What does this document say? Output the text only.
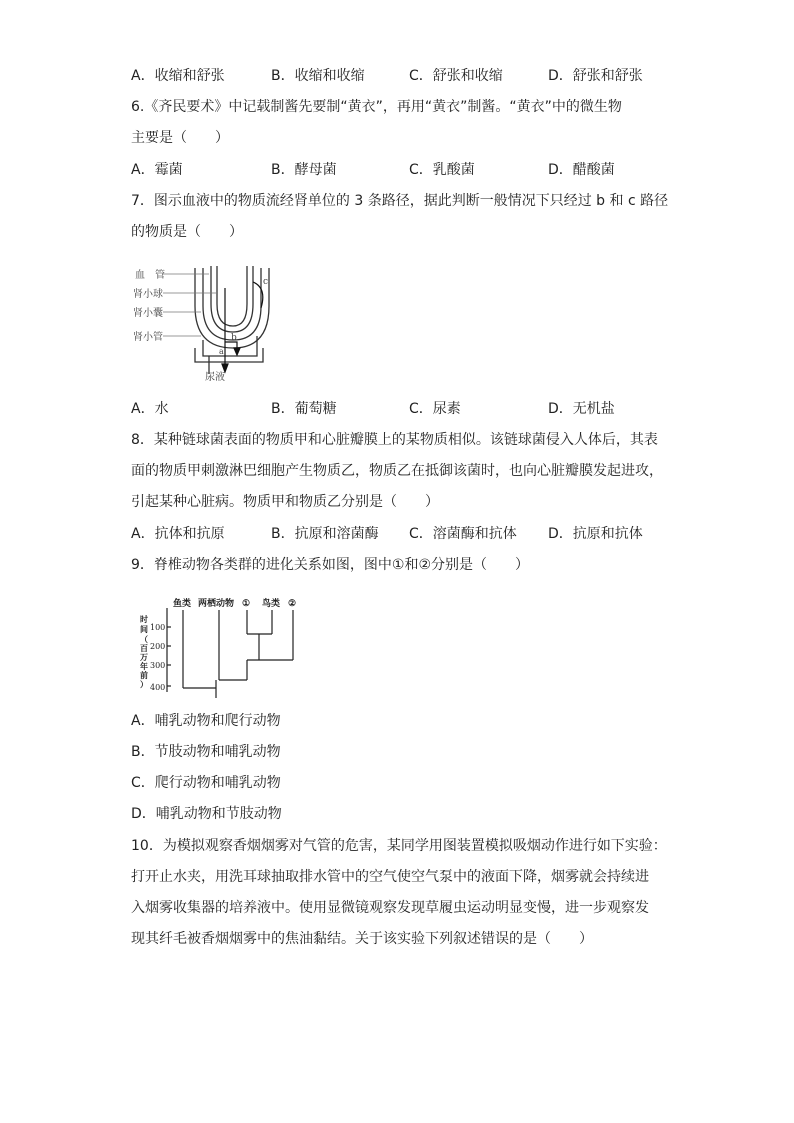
A．收缩和舒张	B．收缩和收缩	C．舒张和收缩	D．舒张和舒张
6.《齐民要术》中记载制酱先要制“黄衣”，再用“黄衣”制酱。“黄衣”中的微生物
主要是（　　）
A．霉菌	B．酵母菌	C．乳酸菌	D．醋酸菌
7．图示血液中的物质流经肾单位的 3 条路径，据此判断一般情况下只经过 b 和 c 路径
的物质是（　　）
血　管
肾小球
肾小囊
肾小管
尿液
a
b
c
A．水	B．葡萄糖	C．尿素	D．无机盐
8．某种链球菌表面的物质甲和心脏瓣膜上的某物质相似。该链球菌侵入人体后，其表
面的物质甲刺激淋巴细胞产生物质乙，物质乙在抵御该菌时，也向心脏瓣膜发起进攻，
引起某种心脏病。物质甲和物质乙分别是（　　）
A．抗体和抗原	B．抗原和溶菌酶 C．溶菌酶和抗体 D．抗原和抗体
9．脊椎动物各类群的进化关系如图，图中①和②分别是（　　）
鱼类 两栖动物 ① 鸟类 ②
时
间
（
百
万
年
前
）
100
200
300
400
A．哺乳动物和爬行动物
B．节肢动物和哺乳动物
C．爬行动物和哺乳动物
D．哺乳动物和节肢动物
10．为模拟观察香烟烟雾对气管的危害，某同学用图装置模拟吸烟动作进行如下实验：
打开止水夹，用洗耳球抽取排水管中的空气使空气泵中的液面下降，烟雾就会持续进
入烟雾收集器的培养液中。使用显微镜观察发现草履虫运动明显变慢，进一步观察发
现其纤毛被香烟烟雾中的焦油黏结。关于该实验下列叙述错误的是（　　）
